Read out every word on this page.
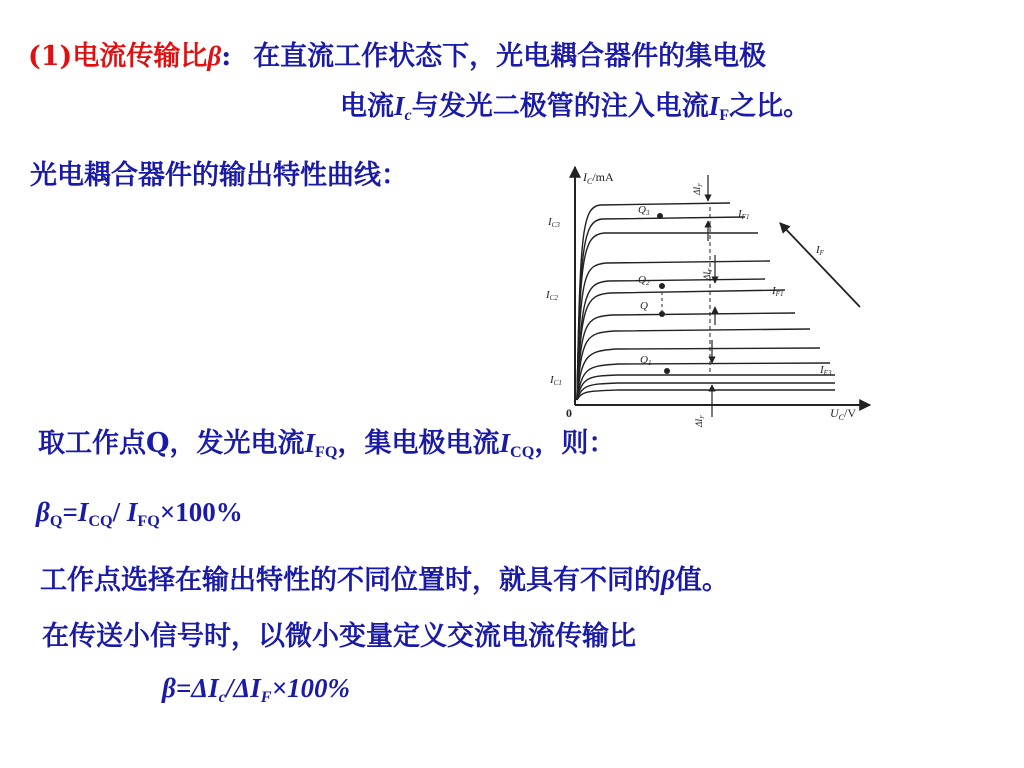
(1)电流传输比β: 在直流工作状态下，光电耦合器件的集电极
电流$I_c$与发光二极管的注入电流$I_F$之比。
光电耦合器件的输出特性曲线：	$I_C/mA$
$U_C/V$
0
IC3
IC2
IC1
Q3
Q2
Q
Q1
$\Delta I_F$
$\Delta I_F$
$\Delta I_F$
IF1
IF1
IF3
IF
取工作点Q，发光电流$I_{FQ}$，集电极电流$I_{CQ}$，则：
$\beta_Q=I_{CQ}/$ $I_{FQ}\times 100\%$
工作点选择在输出特性的不同位置时，就具有不同的β值。
在传送小信号时，以微小变量定义交流电流传输比
$\beta=\Delta I_c/\Delta I_F\times 100\%$
